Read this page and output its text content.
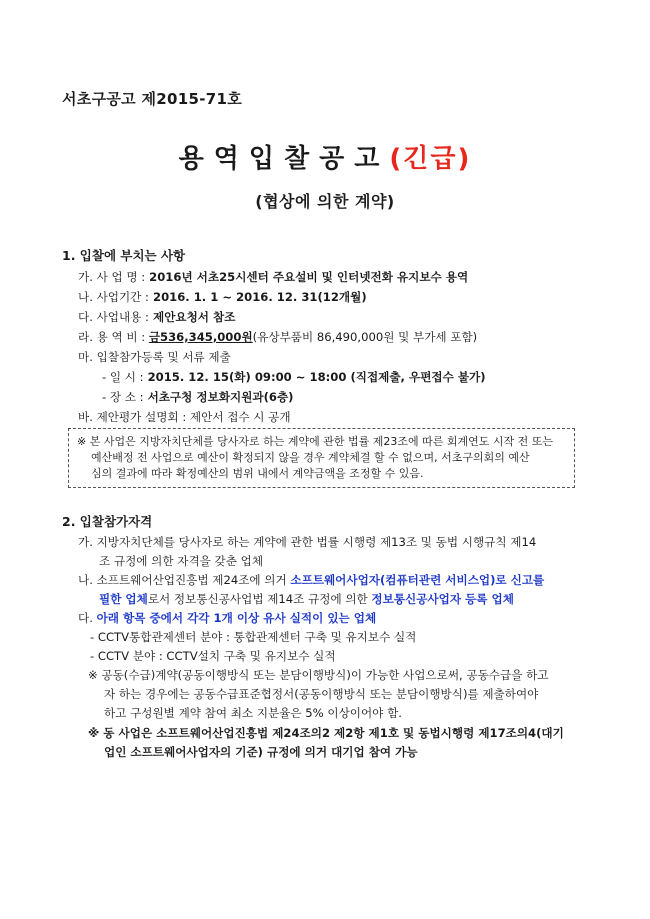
서초구공고 제2015-71호
용역입찰공고(긴급)
(협상에 의한 계약)
1. 입찰에 부치는 사항
가. 사 업 명 : 2016년 서초25시센터 주요설비 및 인터넷전화 유지보수 용역
나. 사업기간 : 2016. 1. 1 ~ 2016. 12. 31(12개월)
다. 사업내용 : 제안요청서 참조
라. 용 역 비 : 금536,345,000원(유상부품비 86,490,000원 및 부가세 포함)
마. 입찰참가등록 및 서류 제출
- 일 시 : 2015. 12. 15(화) 09:00 ~ 18:00 (직접제출, 우편접수 불가)
- 장 소 : 서초구청 정보화지원과(6층)
바. 제안평가 설명회 : 제안서 접수 시 공개
※ 본 사업은 지방자치단체를 당사자로 하는 계약에 관한 법률 제23조에 따른 회계연도 시작 전 또는
예산배정 전 사업으로 예산이 확정되지 않을 경우 계약체결 할 수 없으며, 서초구의회의 예산
심의 결과에 따라 확정예산의 범위 내에서 계약금액을 조정할 수 있음.
2. 입찰참가자격
가. 지방자치단체를 당사자로 하는 계약에 관한 법률 시행령 제13조 및 동법 시행규칙 제14
조 규정에 의한 자격을 갖춘 업체
나. 소프트웨어산업진흥법 제24조에 의거 소프트웨어사업자(컴퓨터관련 서비스업)로 신고를
필한 업체로서 정보통신공사업법 제14조 규정에 의한 정보통신공사업자 등록 업체
다. 아래 항목 중에서 각각 1개 이상 유사 실적이 있는 업체
- CCTV통합관제센터 분야 : 통합관제센터 구축 및 유지보수 실적
- CCTV 분야 : CCTV설치 구축 및 유지보수 실적
※ 공동(수급)계약(공동이행방식 또는 분담이행방식)이 가능한 사업으로써, 공동수급을 하고
자 하는 경우에는 공동수급표준협정서(공동이행방식 또는 분담이행방식)를 제출하여야
하고 구성원별 계약 참여 최소 지분율은 5% 이상이어야 함.
※ 동 사업은 소프트웨어산업진흥법 제24조의2 제2항 제1호 및 동법시행령 제17조의4(대기
업인 소프트웨어사업자의 기준) 규정에 의거 대기업 참여 가능
